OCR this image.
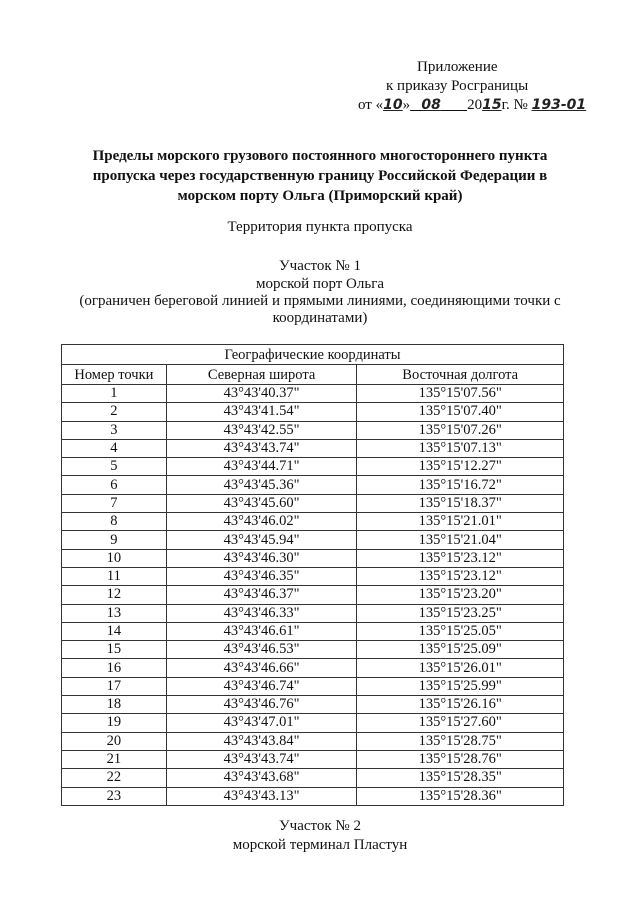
Приложение
к приказу Росграницы
от «10» 08 2015г. № 193-01
Пределы морского грузового постоянного многостороннего пункта
пропуска через государственную границу Российской Федерации в
морском порту Ольга (Приморский край)
Территория пункта пропуска
Участок № 1
морской порт Ольга
(ограничен береговой линией и прямыми линиями, соединяющими точки с
координатами)
Географические координаты		
Номер точки	Северная широта	Восточная долгота
1	43°43'40.37"	135°15'07.56"
2	43°43'41.54"	135°15'07.40"
3	43°43'42.55"	135°15'07.26"
4	43°43'43.74"	135°15'07.13"
5	43°43'44.71"	135°15'12.27"
6	43°43'45.36"	135°15'16.72"
7	43°43'45.60"	135°15'18.37"
8	43°43'46.02"	135°15'21.01"
9	43°43'45.94"	135°15'21.04"
10	43°43'46.30"	135°15'23.12"
11	43°43'46.35"	135°15'23.12"
12	43°43'46.37"	135°15'23.20"
13	43°43'46.33"	135°15'23.25"
14	43°43'46.61"	135°15'25.05"
15	43°43'46.53"	135°15'25.09"
16	43°43'46.66"	135°15'26.01"
17	43°43'46.74"	135°15'25.99"
18	43°43'46.76"	135°15'26.16"
19	43°43'47.01"	135°15'27.60"
20	43°43'43.84"	135°15'28.75"
21	43°43'43.74"	135°15'28.76"
22	43°43'43.68"	135°15'28.35"
23	43°43'43.13"	135°15'28.36"
Участок № 2
морской терминал Пластун
